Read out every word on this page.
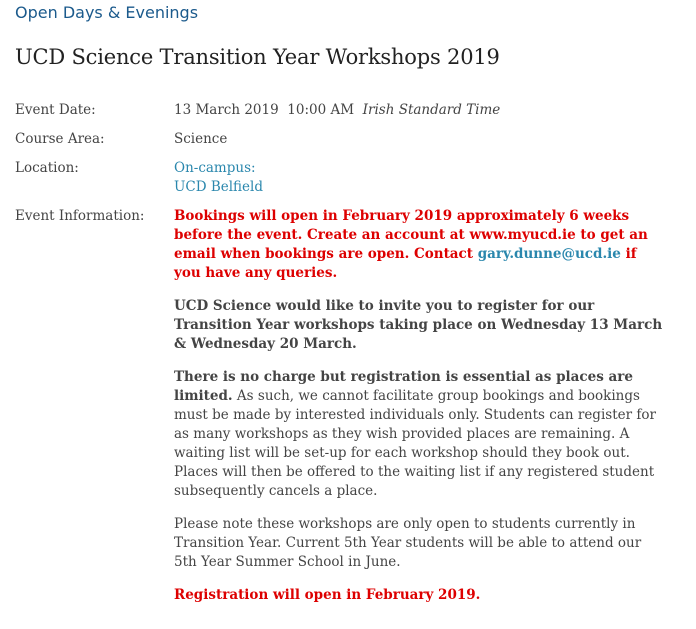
Open Days & Evenings
UCD Science Transition Year Workshops 2019
Event Date:	13 March 2019 10:00 AM Irish Standard Time
Course Area:	Science
Location:	On-campus:
UCD Belfield
Event Information:	Bookings will open in February 2019 approximately 6 weeks before the event. Create an account at www.myucd.ie to get an email when bookings are open. Contact gary.dunne@ucd.ie if you have any queries.

UCD Science would like to invite you to register for our Transition Year workshops taking place on Wednesday 13 March & Wednesday 20 March.

There is no charge but registration is essential as places are limited. As such, we cannot facilitate group bookings and bookings must be made by interested individuals only. Students can register for as many workshops as they wish provided places are remaining. A waiting list will be set-up for each workshop should they book out. Places will then be offered to the waiting list if any registered student subsequently cancels a place.

Please note these workshops are only open to students currently in Transition Year. Current 5th Year students will be able to attend our 5th Year Summer School in June.

Registration will open in February 2019.
